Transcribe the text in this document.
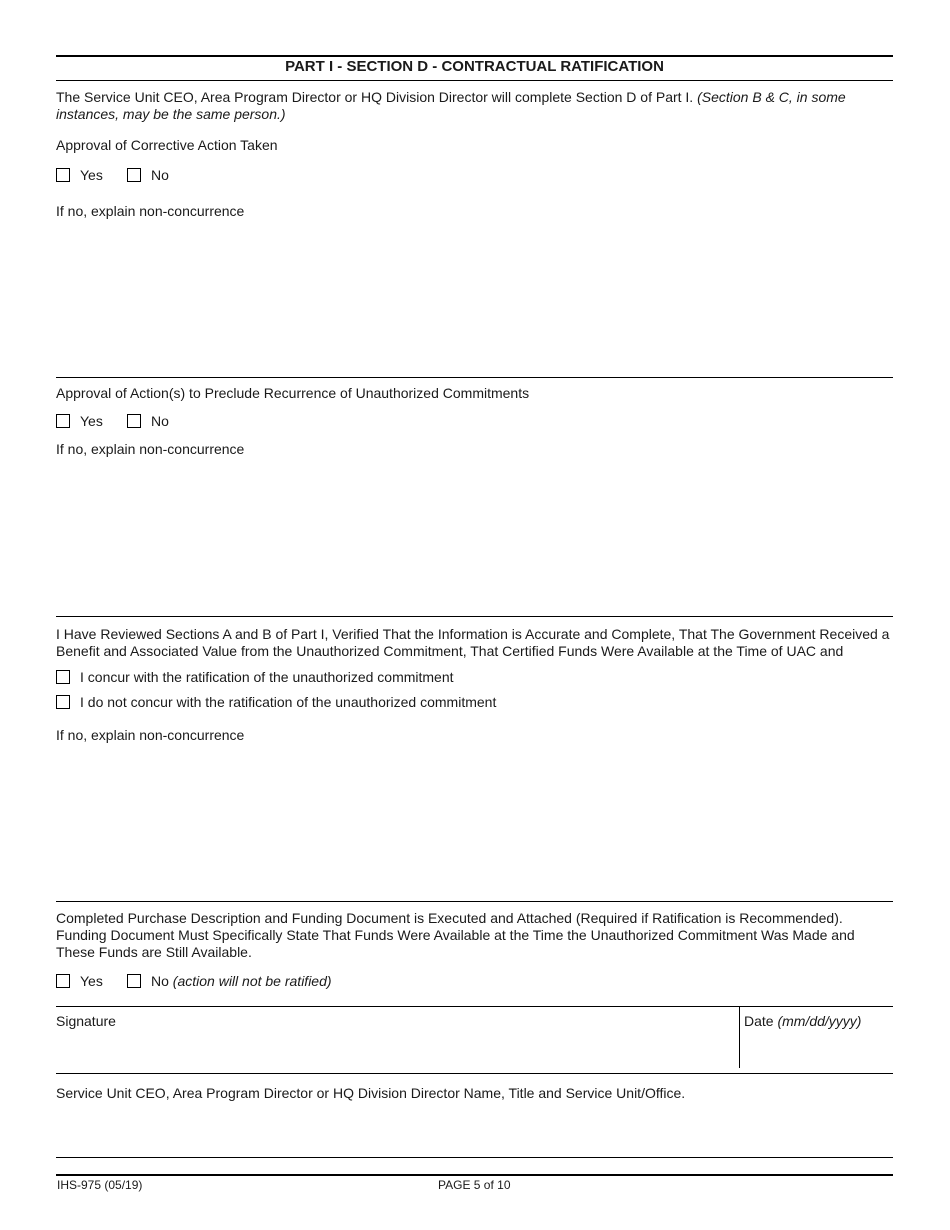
PART I - SECTION D - CONTRACTUAL RATIFICATION
The Service Unit CEO, Area Program Director or HQ Division Director will complete Section D of Part I. (Section B & C, in some instances, may be the same person.)
Approval of Corrective Action Taken
Yes	No
If no, explain non-concurrence
Approval of Action(s) to Preclude Recurrence of Unauthorized Commitments
Yes	No
If no, explain non-concurrence
I Have Reviewed Sections A and B of Part I, Verified That the Information is Accurate and Complete, That The Government Received a Benefit and Associated Value from the Unauthorized Commitment, That Certified Funds Were Available at the Time of UAC and
I concur with the ratification of the unauthorized commitment
I do not concur with the ratification of the unauthorized commitment
If no, explain non-concurrence
Completed Purchase Description and Funding Document is Executed and Attached (Required if Ratification is Recommended). Funding Document Must Specifically State That Funds Were Available at the Time the Unauthorized Commitment Was Made and These Funds are Still Available.
Yes	No (action will not be ratified)
Signature	Date (mm/dd/yyyy)
Service Unit CEO, Area Program Director or HQ Division Director Name, Title and Service Unit/Office.
IHS-975 (05/19)	PAGE 5 of 10
